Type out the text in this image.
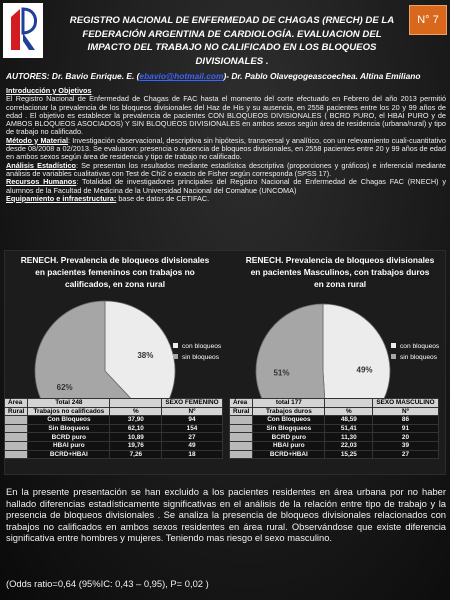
REGISTRO NACIONAL DE ENFERMEDAD DE CHAGAS (RNECH) DE LA FEDERACIÓN ARGENTINA DE CARDIOLOGÍA. EVALUACION DEL IMPACTO DEL TRABAJO NO CALIFICADO EN LOS BLOQUEOS DIVISIONALES .
N° 7
AUTORES: Dr. Bavio Enrique. E. (ebavio@hotmail.com)- Dr. Pablo Olavegogeascoechea. Altina Emiliano

Introducción y Objetivos

El Registro Nacional de Enfermedad de Chagas de FAC hasta el momento del corte efectuado en Febrero del año 2013 permitió correlacionar la prevalencia de los bloqueos divisionales del Haz de His y su ausencia, en 2558 pacientes entre los 20 y 99 años de edad . El objetivo es establecer la prevalencia de pacientes CON BLOQUEOS DIVISIONALES ( BCRD PURO, el HBAI PURO y de AMBOS BLOQUEOS ASOCIADOS) Y SIN BLOQUEOS DIVISIONALES en ambos sexos según área de residencia (urbana/rural) y tipo de trabajo no calificado.

Método y Material: Investigación observacional, descriptiva sin hipótesis, transversal y analítico, con un relevamiento cuali-cuantitativo desde 08/2008 a 02/2013. Se evaluaron: presencia o ausencia de bloqueos divisionales, en 2558 pacientes entre 20 y 99 años de edad en ambos sexos según área de residencia y tipo de trabajo no calificado.

Análisis Estadístico: Se presentan los resultados mediante estadística descriptiva (proporciones y gráficos) e inferencial mediante análisis de variables cualitativas con Test de Chi2 o exacto de Fisher según corresponda (SPSS 17).

Recursos Humanos: Totalidad de investigadores principales del Registro Nacional de Enfermedad de Chagas FAC (RNECH) y alumnos de la Facultad de Medicina de la Universidad Nacional del Comahue (UNCOMA)

Equipamiento e infraestructura: base de datos de CETIFAC.

RENECH. Prevalencia de bloqueos divisionales
en pacientes femeninos con trabajos no
calificados, en zona rural
38%
62%
con bloqueos
sin bloqueos
RENECH. Prevalencia de bloqueos divisionales
en pacientes Masculinos, con trabajos duros
en zona rural
49%
51%
con bloqueos
sin bloqueos
Área	Total 248		SEXO FEMENINO
Rural	Trabajos no calificados	%	Nº
	Con Bloqueos	37,90	94
	Sin Bloqueos	62,10	154
	BCRD puro	10,89	27
	HBAI puro	19,76	49
	BCRD+HBAI	7,26	18
Área	total 177		SEXO MASCULINO
Rural	Trabajos duros	%	Nº
	Con Bloqueos	48,59	86
	Sin Blogqueos	51,41	91
	BCRD puro	11,30	20
	HBAI puro	22,03	39
	BCRD+HBAI	15,25	27
En la presente presentación se han excluido a los pacientes residentes en área urbana por no haber hallado diferencias estadísticamente significativas en el análisis de la relación entre tipo de trabajo y la presencia de bloqueos divisionales . Se analiza la presencia de bloqueos divisionales relacionados con trabajos no calificados en ambos sexos residentes en área rural. Observándose que existe diferencia significativa entre hombres y mujeres. Teniendo mas riesgo el sexo masculino.
(Odds ratio=0,64 (95%IC: 0,43 – 0,95), P= 0,02 )
